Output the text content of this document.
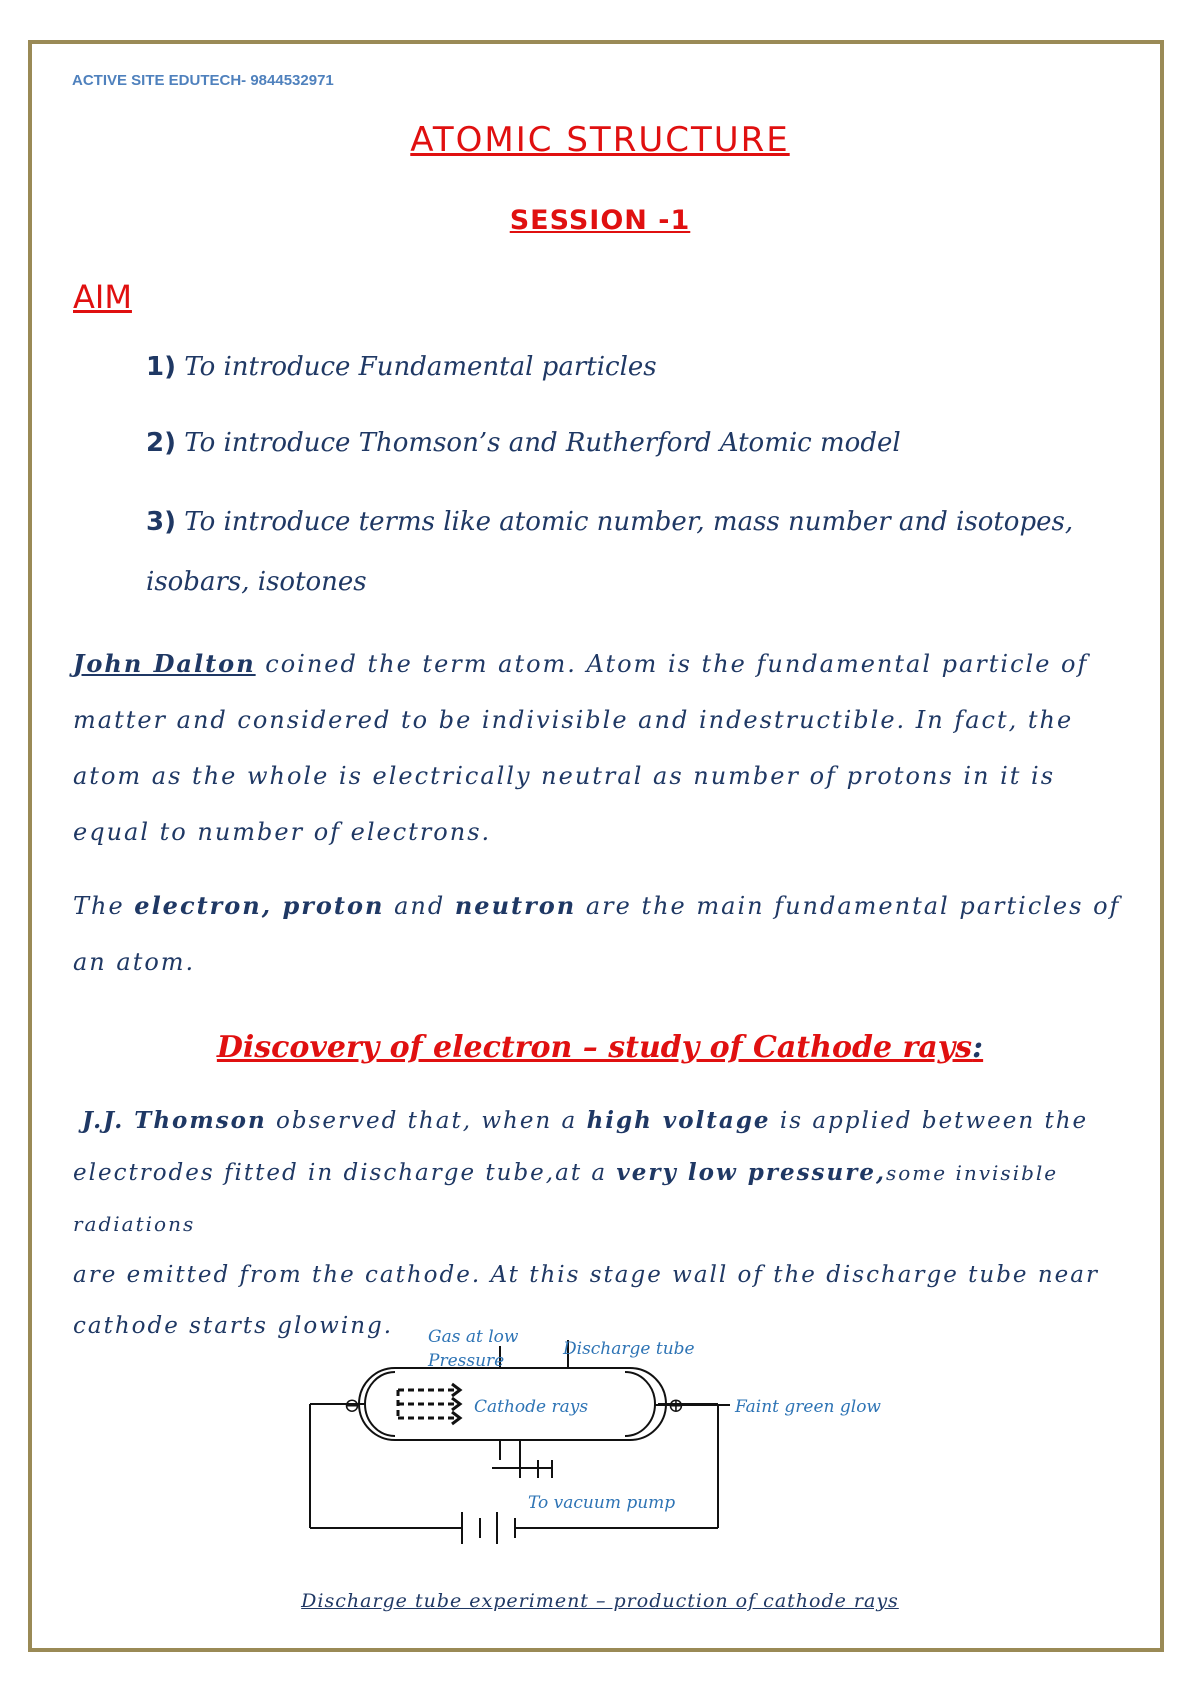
ACTIVE SITE EDUTECH- 9844532971
ATOMIC STRUCTURE
SESSION -1
AIM
1) To introduce Fundamental particles
2) To introduce Thomson’s and Rutherford Atomic model
3) To introduce terms like atomic number, mass number and isotopes,
isobars, isotones
John Dalton coined the term atom. Atom is the fundamental particle of
matter and considered to be indivisible and indestructible. In fact, the
atom as the whole is electrically neutral as number of protons in it is
equal to number of electrons.
The electron, proton and neutron are the main fundamental particles of
an atom.
Discovery of electron – study of Cathode rays:
J.J. Thomson observed that, when a high voltage is applied between the
electrodes fitted in discharge tube,at a very low pressure,some invisible radiations
are emitted from the cathode. At this stage wall of the discharge tube near
cathode starts glowing.
⊖	⊕
Gas at low
Pressure
Discharge tube
Faint green glow
Cathode rays
To vacuum pump
Discharge tube experiment – production of cathode rays
